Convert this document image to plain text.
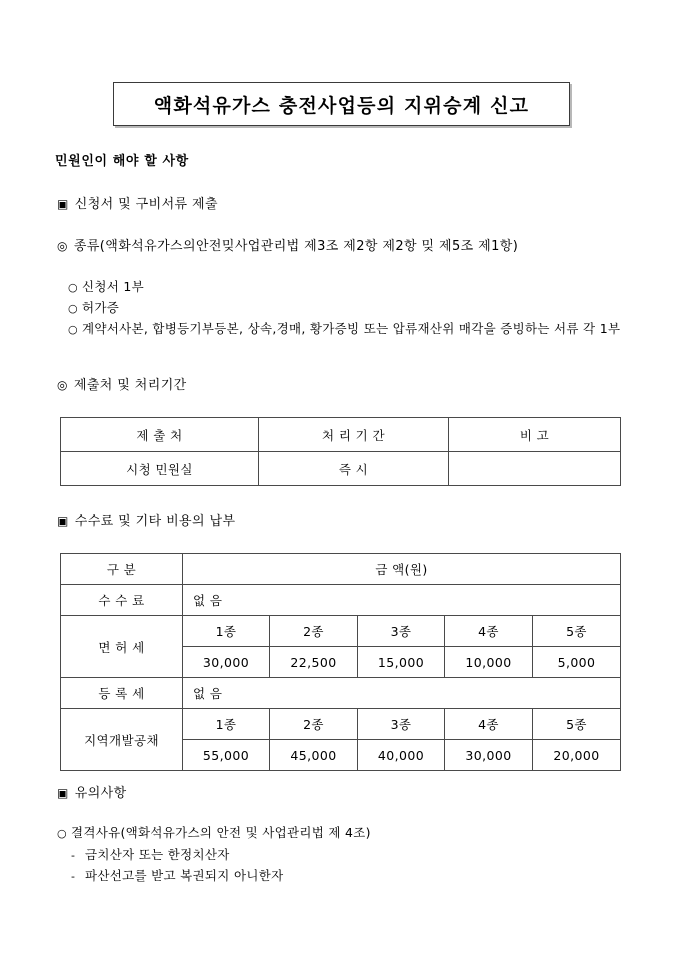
액화석유가스 충전사업등의 지위승계 신고
민원인이 해야 할 사항
▣ 신청서 및 구비서류 제출
◎ 종류(액화석유가스의안전밎사업관리법 제3조 제2항 제2항 밎 제5조 제1항)
○ 신청서 1부
○ 허가증
○ 계약서사본, 합병등기부등본, 상속,경매, 황가증빙 또는 압류재산위 매각을 증빙하는 서류 각 1부
◎ 제출처 및 처리기간
제 출 처	처 리 기 간	비 고
시청 민원실	즉 시	
▣ 수수료 및 기타 비용의 납부
구 분	금 액(원)				
수 수 료	없 음				
면 허 세	1종	2종	3종	4종	5종
	30,000	22,500	15,000	10,000	5,000
등 록 세	없 음				
지역개발공채	1종	2종	3종	4종	5종
	55,000	45,000	40,000	30,000	20,000
▣ 유의사항
○ 결격사유(액화석유가스의 안전 및 사업관리법 제 4조)
- 금치산자 또는 한정치산자
- 파산선고를 받고 복권되지 아니한자
